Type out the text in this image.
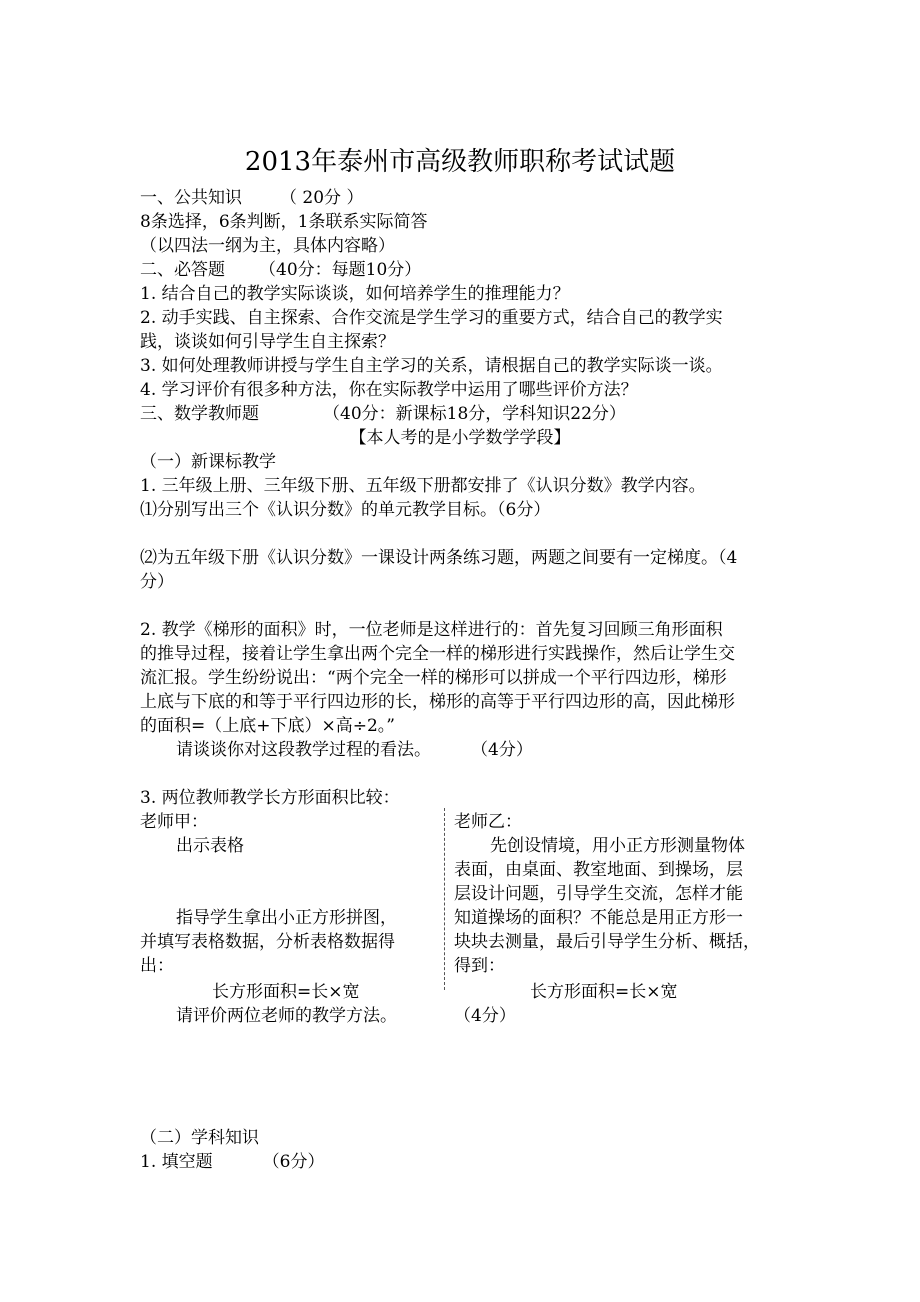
2013年泰州市高级教师职称考试试题
一、公共知识 （ 20分 ）
8条选择，6条判断，1条联系实际简答
（以四法一纲为主，具体内容略）
二、必答题 （40分：每题10分）
1. 结合自己的教学实际谈谈，如何培养学生的推理能力？
2. 动手实践、自主探索、合作交流是学生学习的重要方式，结合自己的教学实
践，谈谈如何引导学生自主探索？
3. 如何处理教师讲授与学生自主学习的关系，请根据自己的教学实际谈一谈。
4. 学习评价有很多种方法，你在实际教学中运用了哪些评价方法？
三、数学教师题	（40分：新课标18分，学科知识22分）
【本人考的是小学数学学段】
（一）新课标教学
1. 三年级上册、三年级下册、五年级下册都安排了《认识分数》教学内容。
⑴分别写出三个《认识分数》的单元教学目标。（6分）
⑵为五年级下册《认识分数》一课设计两条练习题，两题之间要有一定梯度。（4
分）
2. 教学《梯形的面积》时，一位老师是这样进行的：首先复习回顾三角形面积
的推导过程，接着让学生拿出两个完全一样的梯形进行实践操作，然后让学生交
流汇报。学生纷纷说出：“两个完全一样的梯形可以拼成一个平行四边形，梯形
上底与下底的和等于平行四边形的长，梯形的高等于平行四边形的高，因此梯形
的面积=（上底+下底）×高÷2。”
请谈谈你对这段教学过程的看法。 （4分）
3. 两位教师教学长方形面积比较：
老师甲：
出示表格
指导学生拿出小正方形拼图，
并填写表格数据，分析表格数据得
出：
长方形面积=长×宽
老师乙：
先创设情境，用小正方形测量物体
表面，由桌面、教室地面、到操场，层
层设计问题，引导学生交流，怎样才能
知道操场的面积？不能总是用正方形一
块块去测量，最后引导学生分析、概括，
得到：
长方形面积=长×宽
请评价两位老师的教学方法。	（4分）
（二）学科知识
1. 填空题	（6分）
